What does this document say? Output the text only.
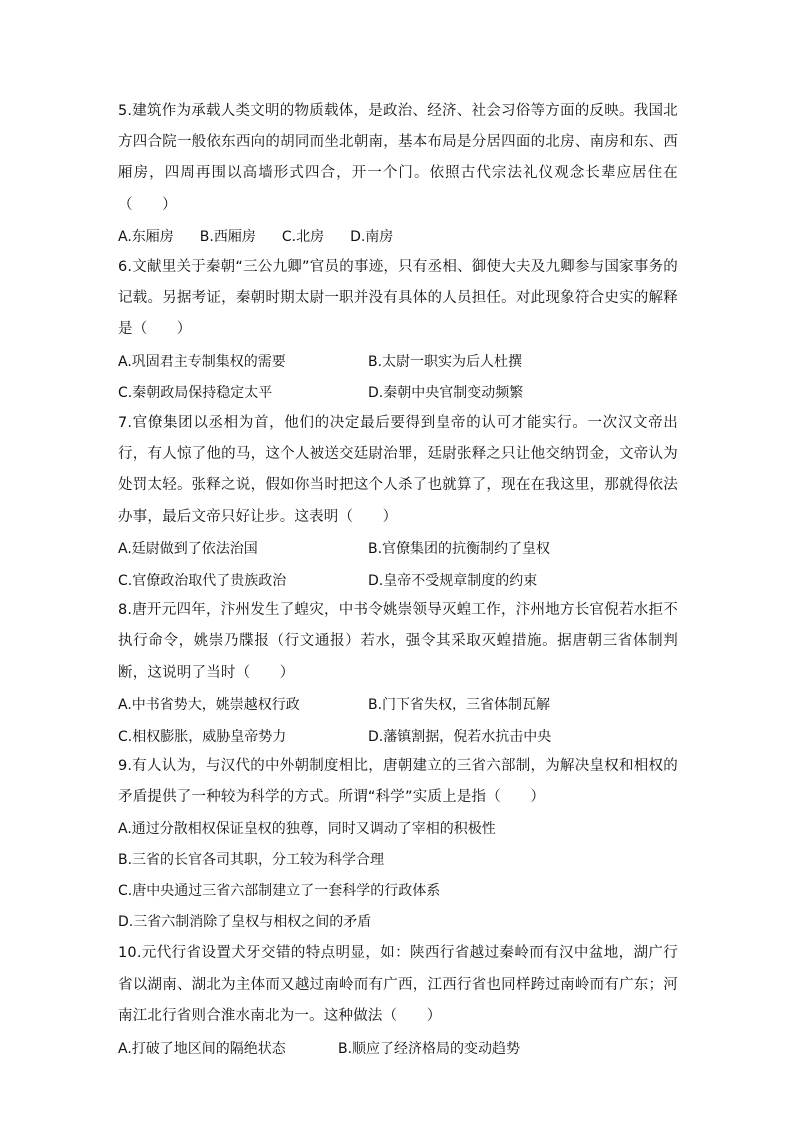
5.建筑作为承载人类文明的物质载体，是政治、经济、社会习俗等方面的反映。我国北方四合院一般依东西向的胡同而坐北朝南，基本布局是分居四面的北房、南房和东、西厢房，四周再围以高墙形式四合，开一个门。依照古代宗法礼仪观念长辈应居住在（　　）

A.东厢房 B.西厢房 C.北房 D.南房

6.文献里关于秦朝“三公九卿”官员的事迹，只有丞相、御使大夫及九卿参与国家事务的记载。另据考证，秦朝时期太尉一职并没有具体的人员担任。对此现象符合史实的解释是（　　）

A.巩固君主专制集权的需要	B.太尉一职实为后人杜撰
C.秦朝政局保持稳定太平	D.秦朝中央官制变动频繁

7.官僚集团以丞相为首，他们的决定最后要得到皇帝的认可才能实行。一次汉文帝出行，有人惊了他的马，这个人被送交廷尉治罪，廷尉张释之只让他交纳罚金，文帝认为处罚太轻。张释之说，假如你当时把这个人杀了也就算了，现在在我这里，那就得依法办事，最后文帝只好让步。这表明（　　）

A.廷尉做到了依法治国	B.官僚集团的抗衡制约了皇权
C.官僚政治取代了贵族政治	D.皇帝不受规章制度的约束

8.唐开元四年，汴州发生了蝗灾，中书令姚崇领导灭蝗工作，汴州地方长官倪若水拒不执行命令，姚崇乃牒报（行文通报）若水，强令其采取灭蝗措施。据唐朝三省体制判断，这说明了当时（　　）

A.中书省势大，姚崇越权行政	B.门下省失权，三省体制瓦解
C.相权膨胀，威胁皇帝势力	D.藩镇割据，倪若水抗击中央

9.有人认为，与汉代的中外朝制度相比，唐朝建立的三省六部制，为解决皇权和相权的矛盾提供了一种较为科学的方式。所谓“科学”实质上是指（　　）

A.通过分散相权保证皇权的独尊，同时又调动了宰相的积极性
B.三省的长官各司其职，分工较为科学合理
C.唐中央通过三省六部制建立了一套科学的行政体系
D.三省六制消除了皇权与相权之间的矛盾

10.元代行省设置犬牙交错的特点明显，如：陕西行省越过秦岭而有汉中盆地，湖广行省以湖南、湖北为主体而又越过南岭而有广西，江西行省也同样跨过南岭而有广东；河南江北行省则合淮水南北为一。这种做法（　　）

A.打破了地区间的隔绝状态	B.顺应了经济格局的变动趋势
